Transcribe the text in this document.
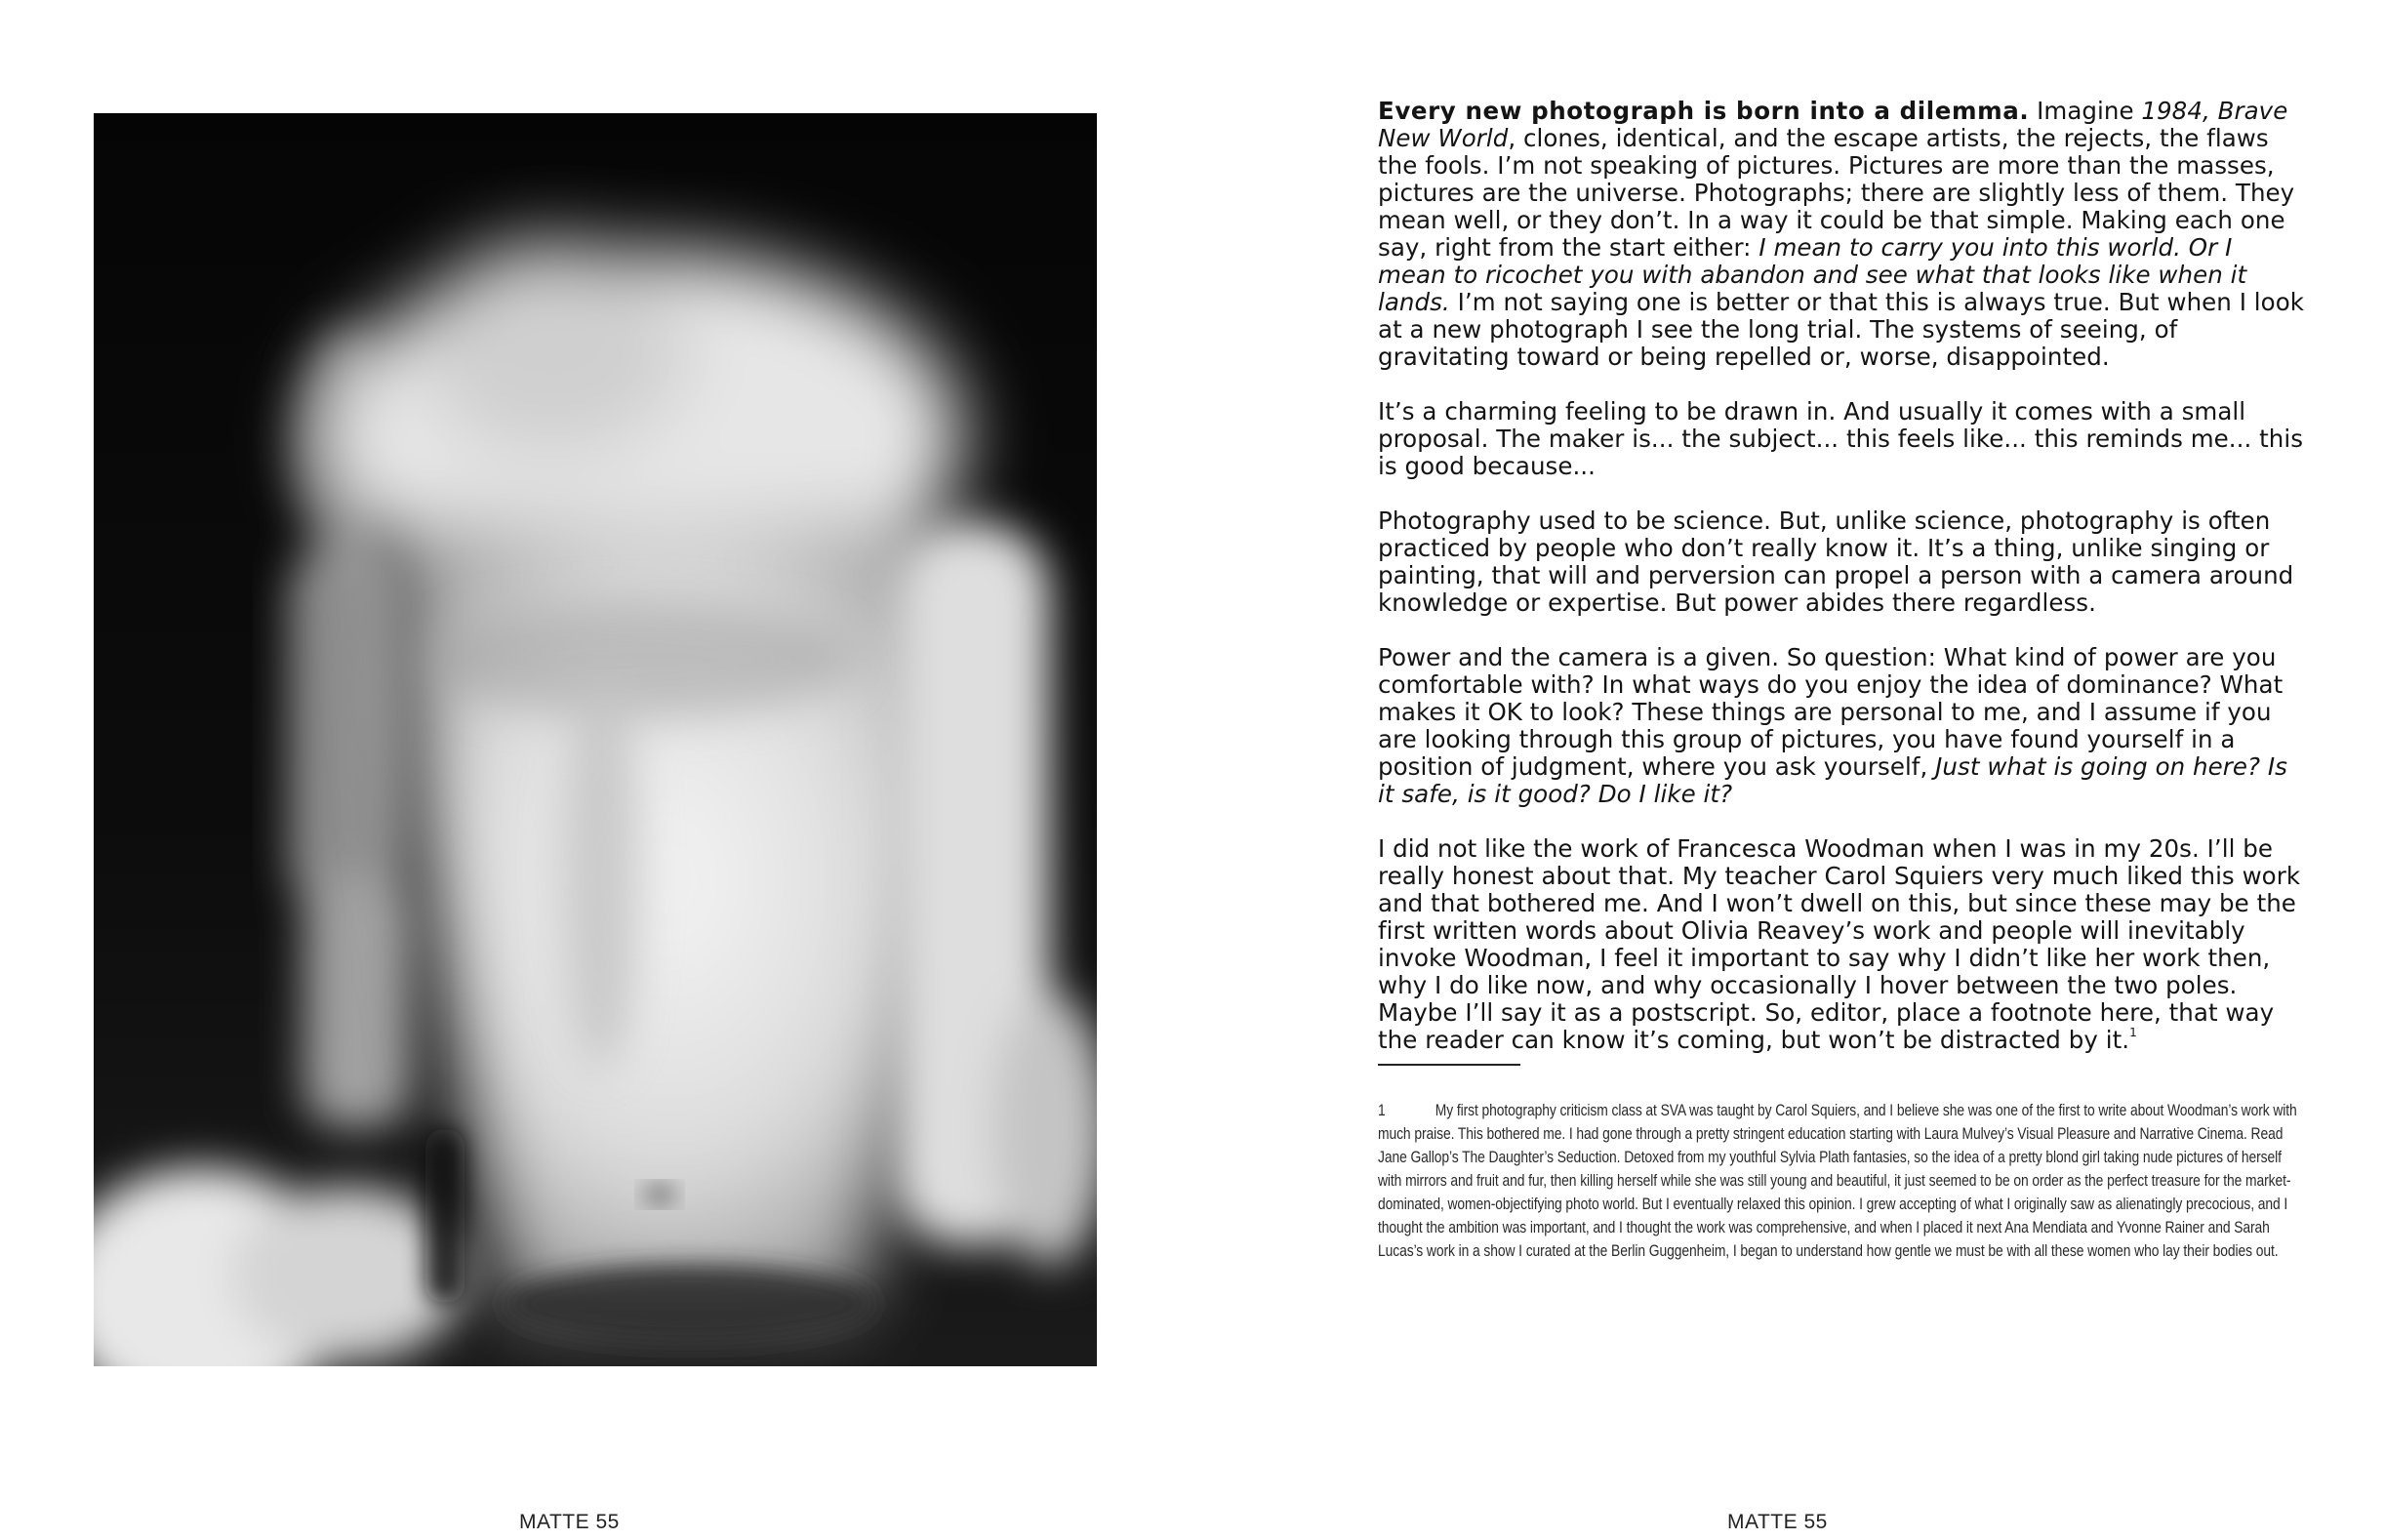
Every new photograph is born into a dilemma. Imagine 1984, Brave New World, clones, identical, and the escape artists, the rejects, the flaws the fools. I’m not speaking of pictures. Pictures are more than the masses, pictures are the universe. Photographs; there are slightly less of them. They mean well, or they don’t. In a way it could be that simple. Making each one say, right from the start either: I mean to carry you into this world. Or I mean to ricochet you with abandon and see what that looks like when it lands. I’m not saying one is better or that this is always true. But when I look at a new photograph I see the long trial. The systems of seeing, of gravitating toward or being repelled or, worse, disappointed.

It’s a charming feeling to be drawn in. And usually it comes with a small proposal. The maker is... the subject... this feels like... this reminds me... this is good because...

Photography used to be science. But, unlike science, photography is often practiced by people who don’t really know it. It’s a thing, unlike singing or painting, that will and perversion can propel a person with a camera around knowledge or expertise. But power abides there regardless.

Power and the camera is a given. So question: What kind of power are you comfortable with? In what ways do you enjoy the idea of dominance? What makes it OK to look? These things are personal to me, and I assume if you are looking through this group of pictures, you have found yourself in a position of judgment, where you ask yourself, Just what is going on here? Is it safe, is it good? Do I like it?

I did not like the work of Francesca Woodman when I was in my 20s. I’ll be really honest about that. My teacher Carol Squiers very much liked this work and that bothered me. And I won’t dwell on this, but since these may be the first written words about Olivia Reavey’s work and people will inevitably invoke Woodman, I feel it important to say why I didn’t like her work then, why I do like now, and why occasionally I hover between the two poles. Maybe I’ll say it as a postscript. So, editor, place a footnote here, that way the reader can know it’s coming, but won’t be distracted by it.$^1$

1	My first photography criticism class at SVA was taught by Carol Squiers, and I believe she was one of the first to write about Woodman’s work with much praise. This bothered me. I had gone through a pretty stringent education starting with Laura Mulvey’s Visual Pleasure and Narrative Cinema. Read Jane Gallop’s The Daughter’s Seduction. Detoxed from my youthful Sylvia Plath fantasies, so the idea of a pretty blond girl taking nude pictures of herself with mirrors and fruit and fur, then killing herself while she was still young and beautiful, it just seemed to be on order as the perfect treasure for the market-dominated, women-objectifying photo world. But I eventually relaxed this opinion. I grew accepting of what I originally saw as alienatingly precocious, and I thought the ambition was important, and I thought the work was comprehensive, and when I placed it next Ana Mendiata and Yvonne Rainer and Sarah Lucas’s work in a show I curated at the Berlin Guggenheim, I began to understand how gentle we must be with all these women who lay their bodies out.
MATTE 55	MATTE 55
